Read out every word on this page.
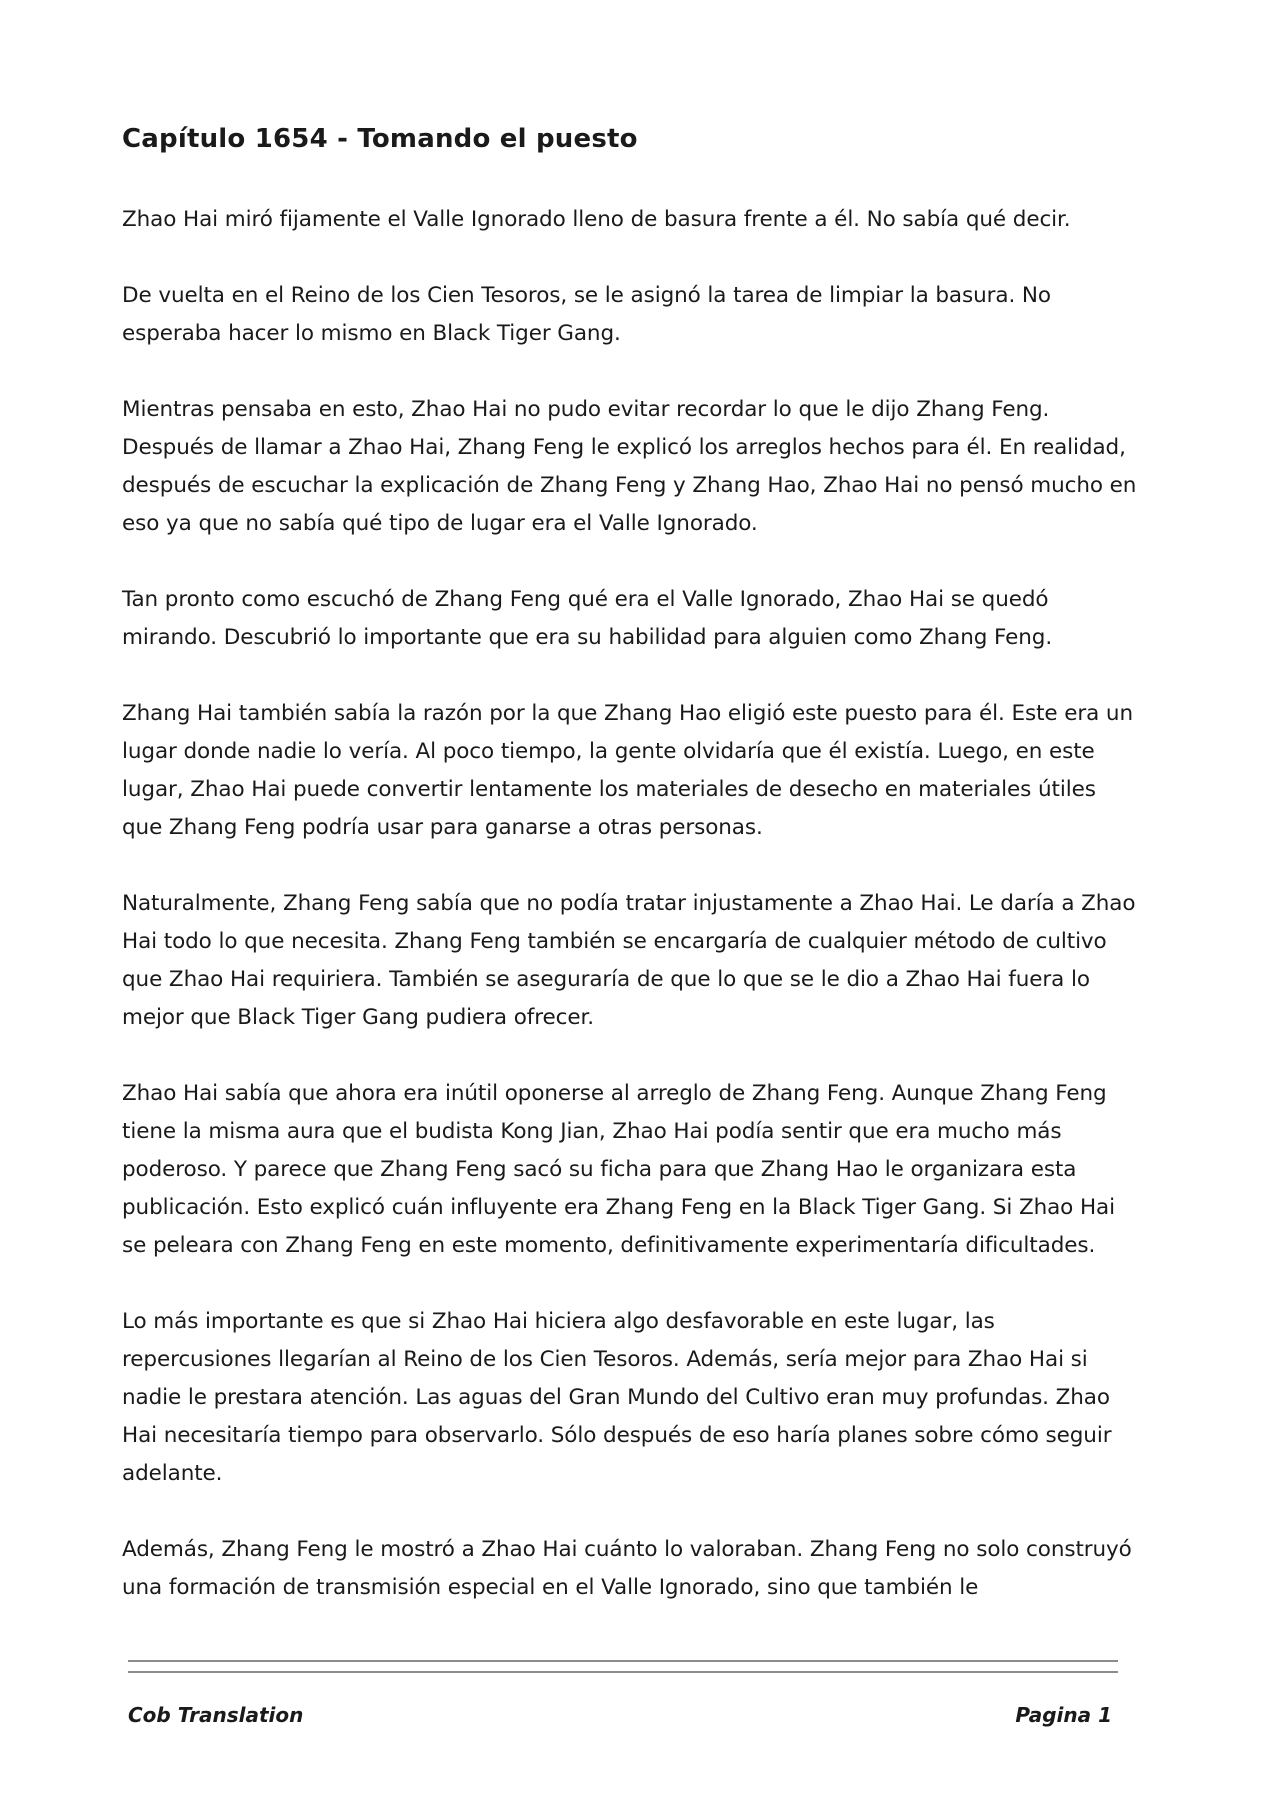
Capítulo 1654 - Tomando el puesto

Zhao Hai miró fijamente el Valle Ignorado lleno de basura frente a él. No sabía qué decir.

De vuelta en el Reino de los Cien Tesoros, se le asignó la tarea de limpiar la basura. No esperaba hacer lo mismo en Black Tiger Gang.

Mientras pensaba en esto, Zhao Hai no pudo evitar recordar lo que le dijo Zhang Feng. Después de llamar a Zhao Hai, Zhang Feng le explicó los arreglos hechos para él. En realidad, después de escuchar la explicación de Zhang Feng y Zhang Hao, Zhao Hai no pensó mucho en eso ya que no sabía qué tipo de lugar era el Valle Ignorado.

Tan pronto como escuchó de Zhang Feng qué era el Valle Ignorado, Zhao Hai se quedó mirando. Descubrió lo importante que era su habilidad para alguien como Zhang Feng.

Zhang Hai también sabía la razón por la que Zhang Hao eligió este puesto para él. Este era un lugar donde nadie lo vería. Al poco tiempo, la gente olvidaría que él existía. Luego, en este lugar, Zhao Hai puede convertir lentamente los materiales de desecho en materiales útiles que Zhang Feng podría usar para ganarse a otras personas.

Naturalmente, Zhang Feng sabía que no podía tratar injustamente a Zhao Hai. Le daría a Zhao Hai todo lo que necesita. Zhang Feng también se encargaría de cualquier método de cultivo que Zhao Hai requiriera. También se aseguraría de que lo que se le dio a Zhao Hai fuera lo mejor que Black Tiger Gang pudiera ofrecer.

Zhao Hai sabía que ahora era inútil oponerse al arreglo de Zhang Feng. Aunque Zhang Feng tiene la misma aura que el budista Kong Jian, Zhao Hai podía sentir que era mucho más poderoso. Y parece que Zhang Feng sacó su ficha para que Zhang Hao le organizara esta publicación. Esto explicó cuán influyente era Zhang Feng en la Black Tiger Gang. Si Zhao Hai se peleara con Zhang Feng en este momento, definitivamente experimentaría dificultades.

Lo más importante es que si Zhao Hai hiciera algo desfavorable en este lugar, las repercusiones llegarían al Reino de los Cien Tesoros. Además, sería mejor para Zhao Hai si nadie le prestara atención. Las aguas del Gran Mundo del Cultivo eran muy profundas. Zhao Hai necesitaría tiempo para observarlo. Sólo después de eso haría planes sobre cómo seguir adelante.

Además, Zhang Feng le mostró a Zhao Hai cuánto lo valoraban. Zhang Feng no solo construyó una formación de transmisión especial en el Valle Ignorado, sino que también le

Cob Translation	Pagina 1
